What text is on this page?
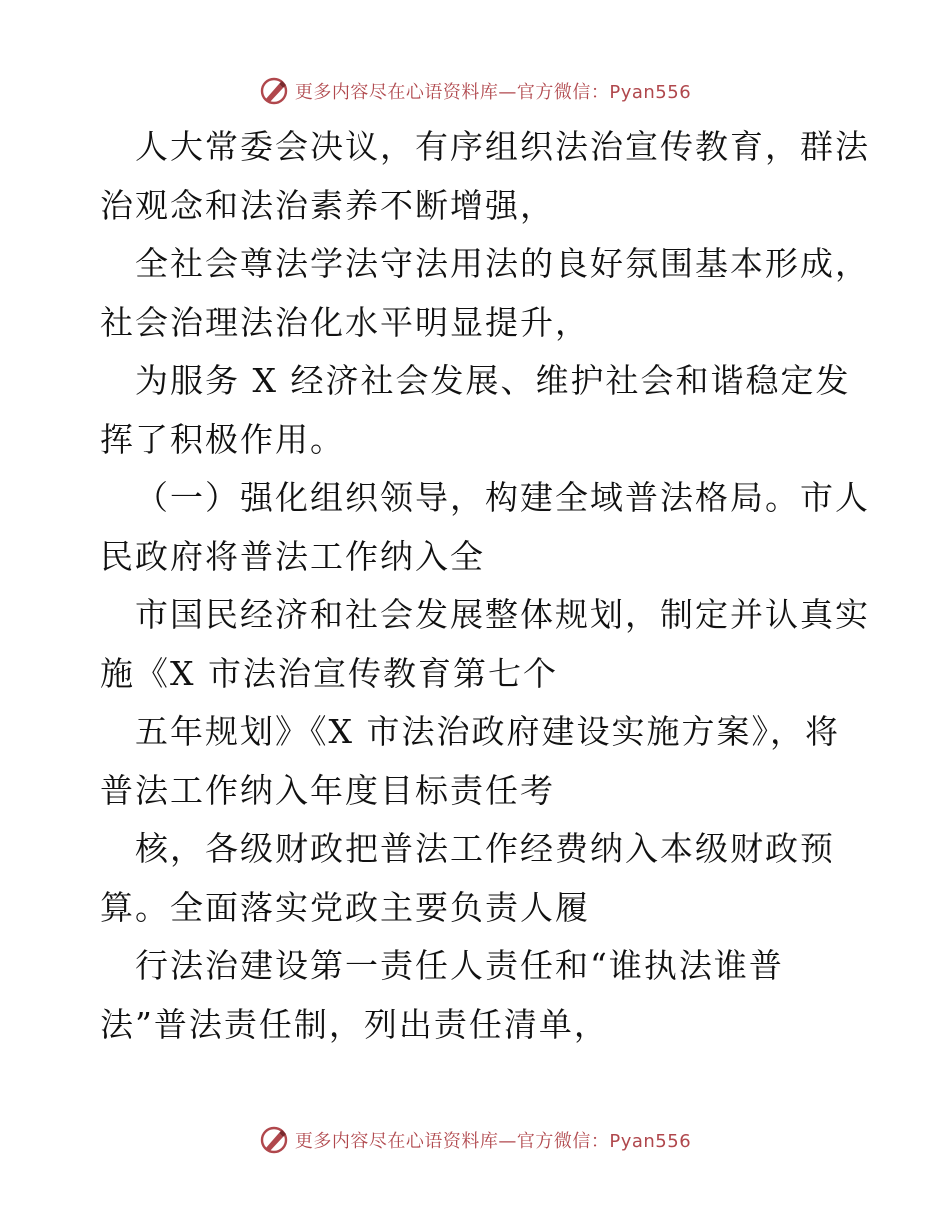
更多内容尽在心语资料库—官方微信：Pyan556
人大常委会决议，有序组织法治宣传教育，群法
治观念和法治素养不断增强，
全社会尊法学法守法用法的良好氛围基本形成，
社会治理法治化水平明显提升，
为服务 X 经济社会发展、维护社会和谐稳定发
挥了积极作用。
（一）强化组织领导，构建全域普法格局。市人
民政府将普法工作纳入全
市国民经济和社会发展整体规划，制定并认真实
施《X 市法治宣传教育第七个
五年规划》《X 市法治政府建设实施方案》，将
普法工作纳入年度目标责任考
核，各级财政把普法工作经费纳入本级财政预
算。全面落实党政主要负责人履
行法治建设第一责任人责任和“谁执法谁普
法”普法责任制，列出责任清单，
更多内容尽在心语资料库—官方微信：Pyan556
